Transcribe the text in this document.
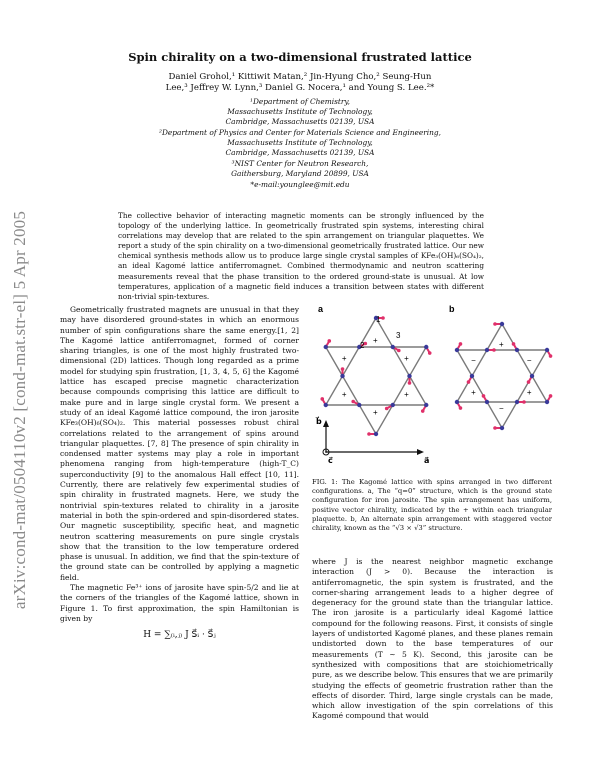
arXiv:cond-mat/0504110v2 [cond-mat.str-el] 5 Apr 2005
Spin chirality on a two-dimensional frustrated lattice
Daniel Grohol,¹ Kittiwit Matan,² Jin-Hyung Cho,² Seung-Hun
Lee,³ Jeffrey W. Lynn,³ Daniel G. Nocera,¹ and Young S. Lee.²*
¹Department of Chemistry,
Massachusetts Institute of Technology,
Cambridge, Massachusetts 02139, USA
²Department of Physics and Center for Materials Science and Engineering,
Massachusetts Institute of Technology,
Cambridge, Massachusetts 02139, USA
³NIST Center for Neutron Research,
Gaithersburg, Maryland 20899, USA
*e-mail:younglee@mit.edu
The collective behavior of interacting magnetic moments can be strongly influenced by the topology of the underlying lattice. In geometrically frustrated spin systems, interesting chiral correlations may develop that are related to the spin arrangement on triangular plaquettes. We report a study of the spin chirality on a two-dimensional geometrically frustrated lattice. Our new chemical synthesis methods allow us to produce large single crystal samples of KFe₃(OH)₆(SO₄)₂, an ideal Kagomé lattice antiferromagnet. Combined thermodynamic and neutron scattering measurements reveal that the phase transition to the ordered ground-state is unusual. At low temperatures, application of a magnetic field induces a transition between states with different non-trivial spin-textures.

Geometrically frustrated magnets are unusual in that they may have disordered ground-states in which an enormous number of spin configurations share the same energy.[1, 2] The Kagomé lattice antiferromagnet, formed of corner sharing triangles, is one of the most highly frustrated two-dimensional (2D) lattices. Though long regarded as a prime model for studying spin frustration, [1, 3, 4, 5, 6] the Kagomé lattice has escaped precise magnetic characterization because compounds comprising this lattice are difficult to make pure and in large single crystal form. We present a study of an ideal Kagomé lattice compound, the iron jarosite KFe₃(OH)₆(SO₄)₂. This material possesses robust chiral correlations related to the arrangement of spins around triangular plaquettes. [7, 8] The presence of spin chirality in condensed matter systems may play a role in important phenomena ranging from high-temperature (high-T_C) superconductivity [9] to the anomalous Hall effect [10, 11]. Currently, there are relatively few experimental studies of spin chirality in frustrated magnets. Here, we study the nontrivial spin-textures related to chirality in a jarosite material in both the spin-ordered and spin-disordered states. Our magnetic susceptibility, specific heat, and magnetic neutron scattering measurements on pure single crystals show that the transition to the low temperature ordered phase is unusual. In addition, we find that the spin-texture of the ground state can be controlled by applying a magnetic field.

The magnetic Fe³⁺ ions of jarosite have spin-5/2 and lie at the corners of the triangles of the Kagomé lattice, shown in Figure 1. To first approximation, the spin Hamiltonian is given by

H = ∑₍ᵢ,ⱼ₎ J S⃗ᵢ · S⃗ⱼ
a
+
+
+
+
+
+
1
2
3
b⃗
c⃗	a⃗
b
+
−
+
−
+
−
FIG. 1: The Kagomé lattice with spins arranged in two different configurations. a, The “q=0” structure, which is the ground state configuration for iron jarosite. The spin arrangement has uniform, positive vector chirality, indicated by the + within each triangular plaquette. b, An alternate spin arrangement with staggered vector chirality, known as the “√3 × √3” structure.

where J is the nearest neighbor magnetic exchange interaction (J > 0). Because the interaction is antiferromagnetic, the spin system is frustrated, and the corner-sharing arrangement leads to a higher degree of degeneracy for the ground state than the triangular lattice. The iron jarosite is a particularly ideal Kagomé lattice compound for the following reasons. First, it consists of single layers of undistorted Kagomé planes, and these planes remain undistorted down to the base temperatures of our measurements (T ~ 5 K). Second, this jarosite can be synthesized with compositions that are stoichiometrically pure, as we describe below. This ensures that we are primarily studying the effects of geometric frustration rather than the effects of disorder. Third, large single crystals can be made, which allow investigation of the spin correlations of this Kagomé compound that would
